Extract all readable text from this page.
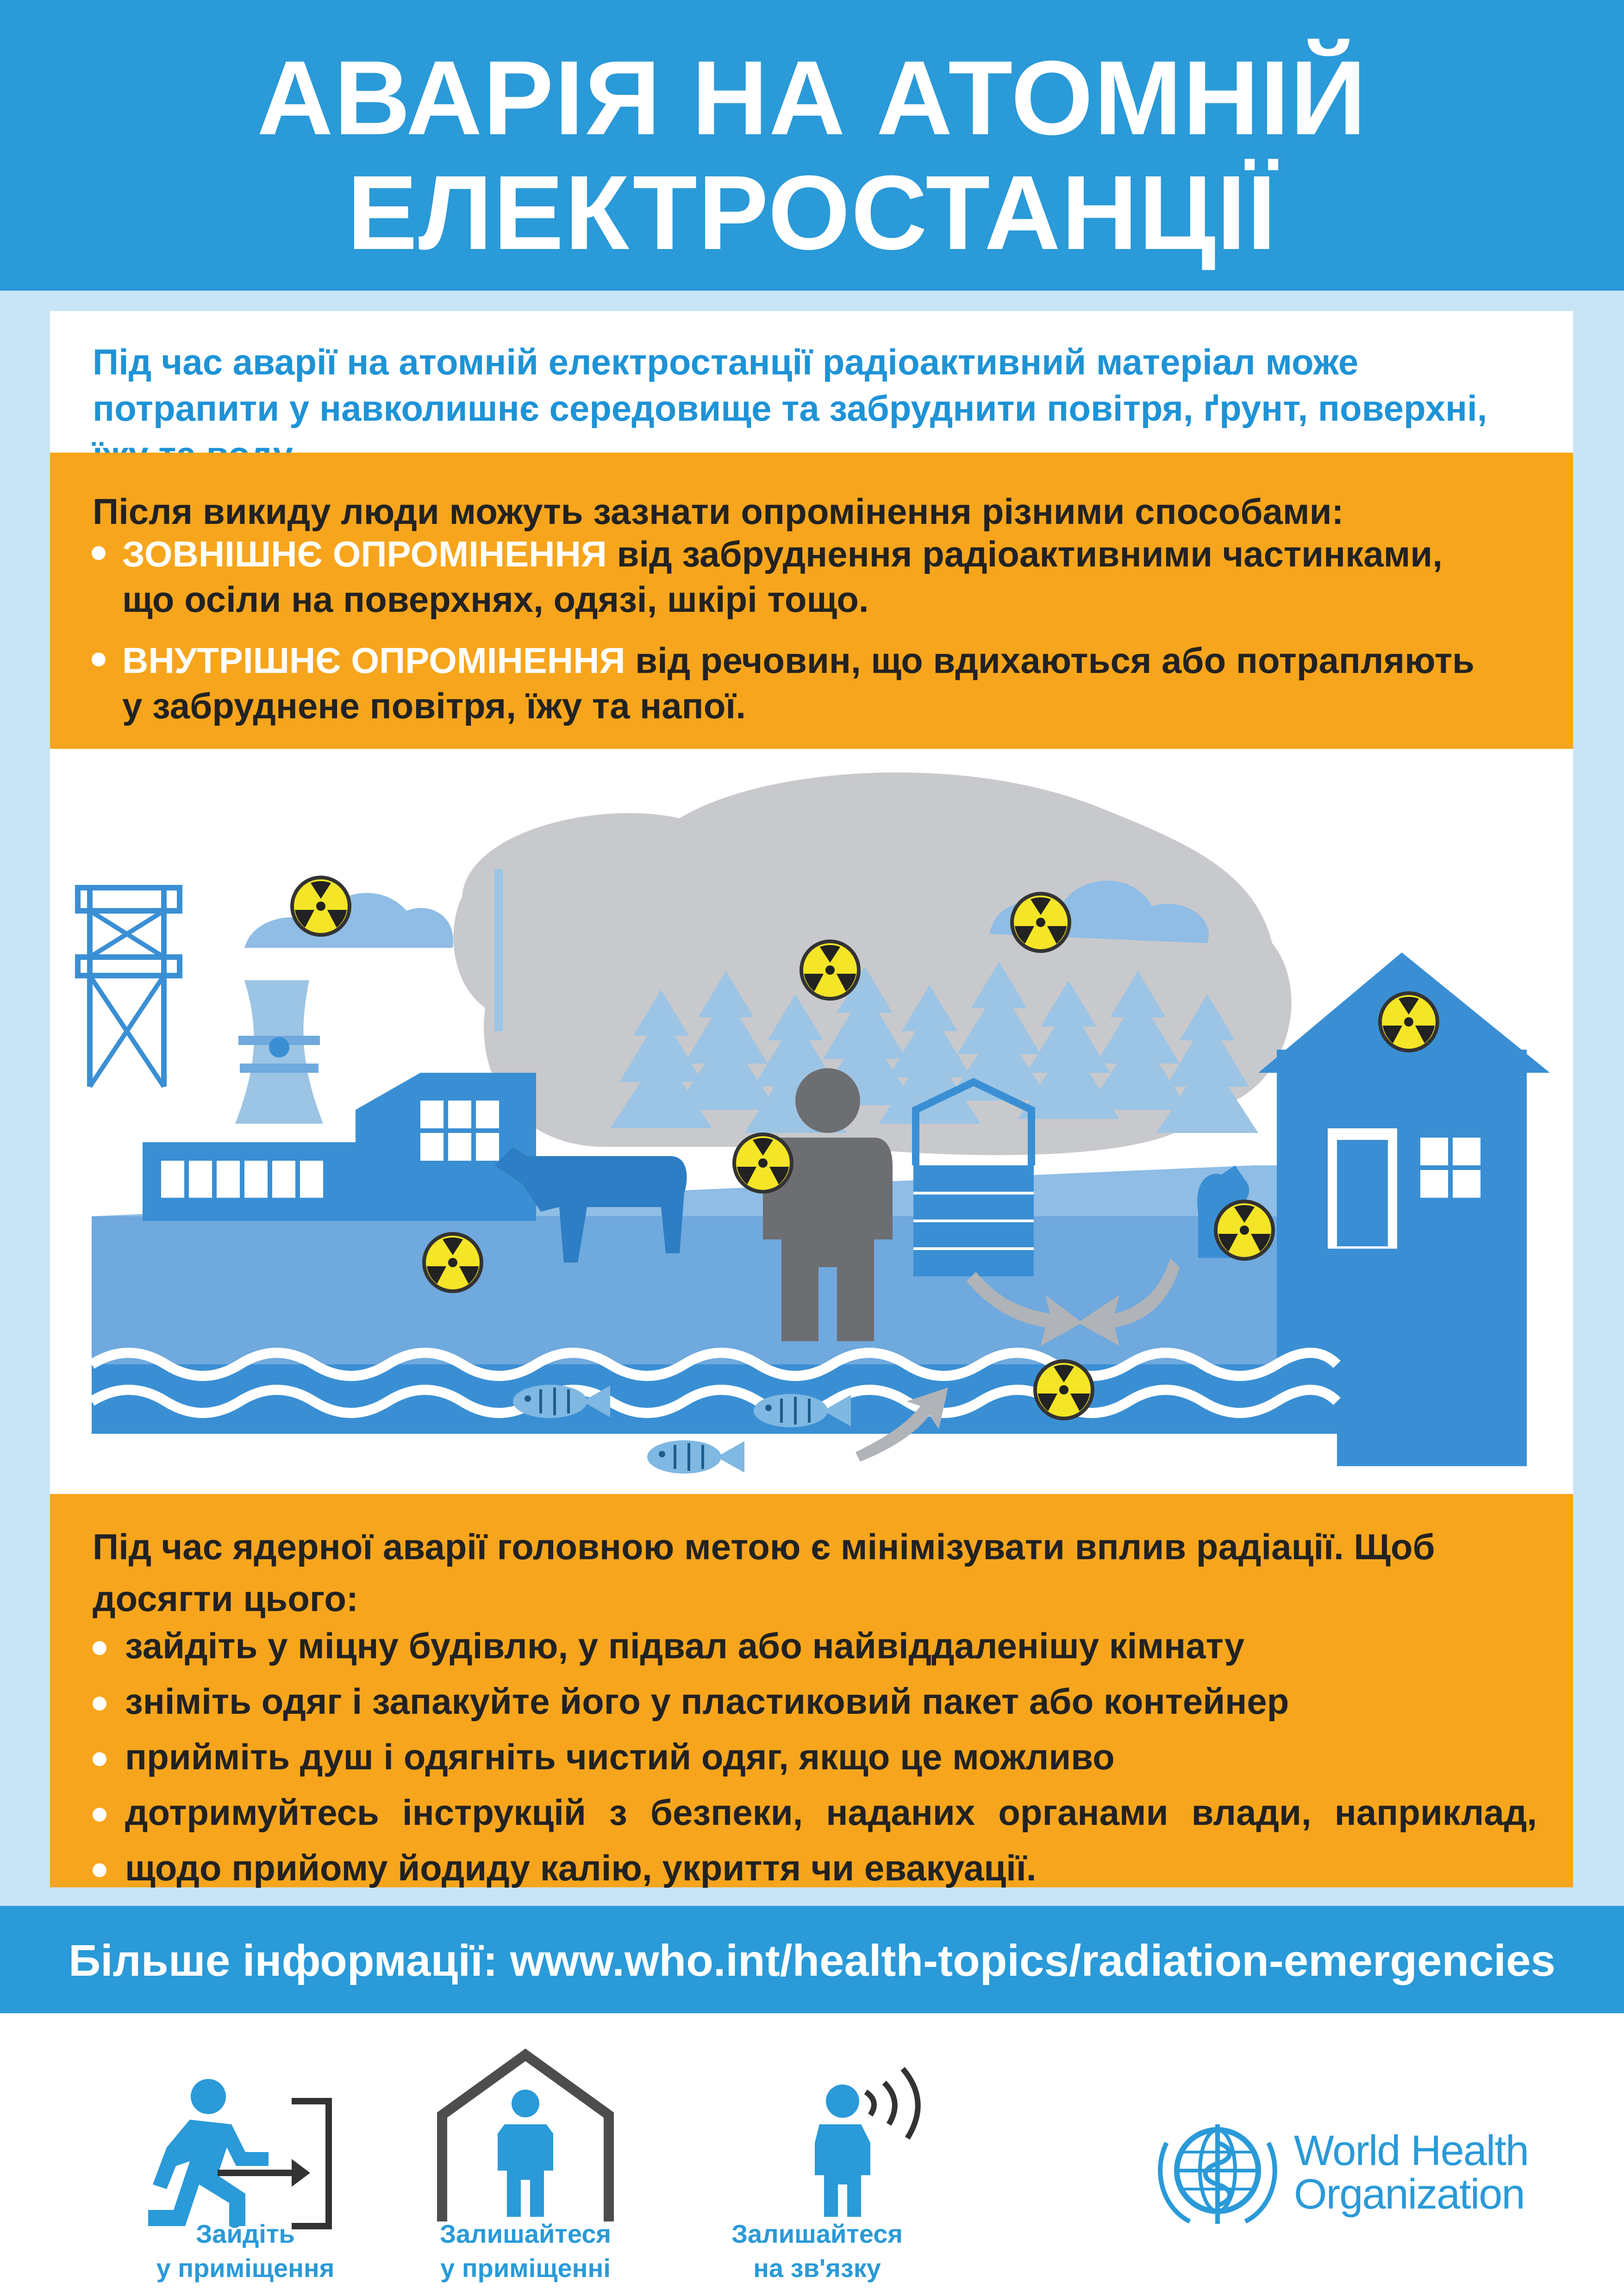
АВАРІЯ НА АТОМНІЙ
ЕЛЕКТРОСТАНЦІЇ

Під час аварії на атомній електростанції радіоактивний матеріал може потрапити у навколишнє середовище та забруднити повітря, ґрунт, поверхні,

Після викиду люди можуть зазнати опромінення різними способами:
ЗОВНІШНЄ ОПРОМІНЕННЯ від забруднення радіоактивними частинками,
що осіли на поверхнях, одязі, шкірі тощо.
ВНУТРІШНЄ ОПРОМІНЕННЯ від речовин, що вдихаються або потрапляють
у забруднене повітря, їжу та напої.
Під час ядерної аварії головною метою є мінімізувати вплив радіації. Щоб досягти цього:
зайдіть у міцну будівлю, у підвал або найвіддаленішу кімнату
зніміть одяг і запакуйте його у пластиковий пакет або контейнер
прийміть душ і одягніть чистий одяг, якщо це можливо
дотримуйтесь інструкцій з безпеки, наданих органами влади, наприклад,
щодо прийому йодиду калію, укриття чи евакуації.
Більше інформації: www.who.int/health-topics/radiation-emergencies
Зайдіть
у приміщення
Залишайтеся
у приміщенні
Залишайтеся
на зв'язку
World Health
Organization
